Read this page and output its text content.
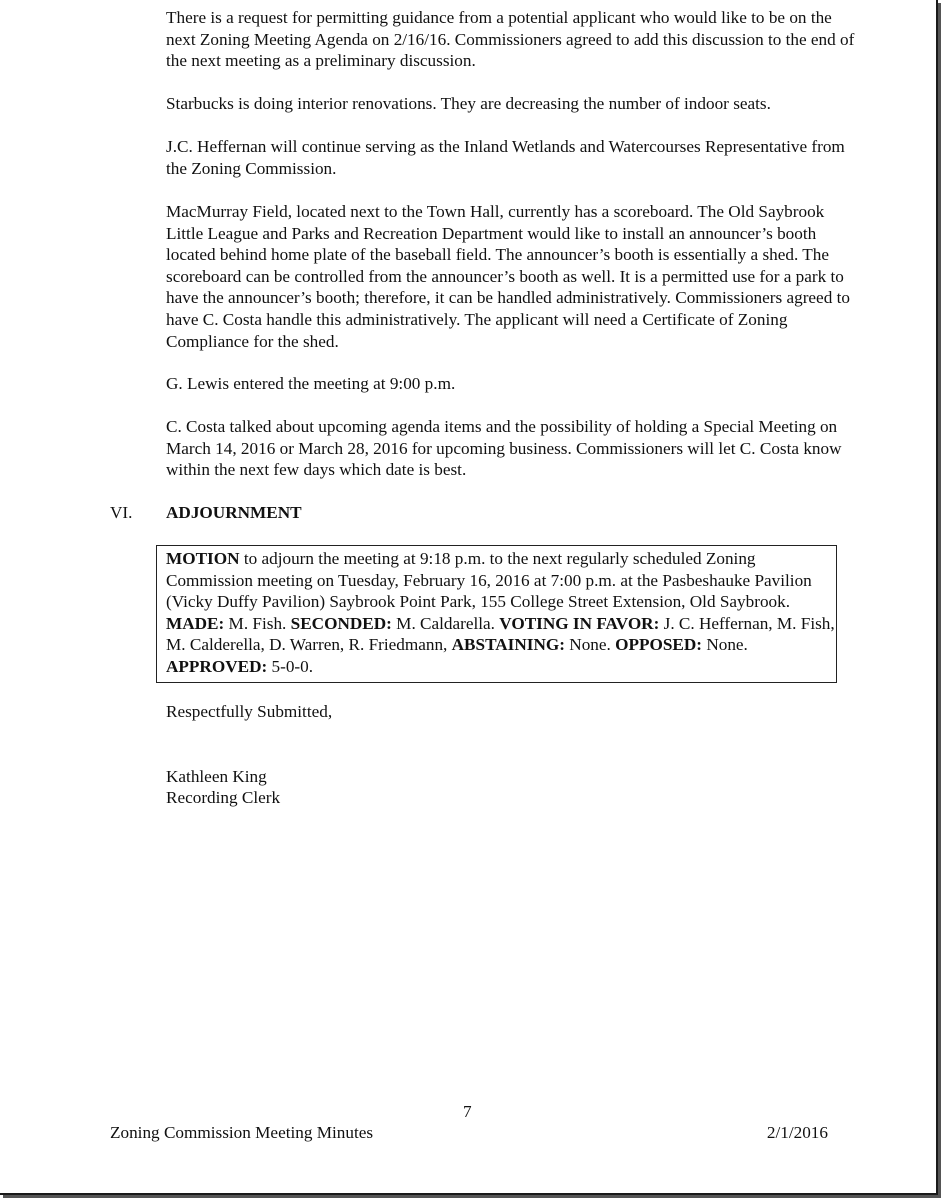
There is a request for permitting guidance from a potential applicant who would like to be on the next Zoning Meeting Agenda on 2/16/16. Commissioners agreed to add this discussion to the end of the next meeting as a preliminary discussion.

Starbucks is doing interior renovations. They are decreasing the number of indoor seats.

J.C. Heffernan will continue serving as the Inland Wetlands and Watercourses Representative from the Zoning Commission.

MacMurray Field, located next to the Town Hall, currently has a scoreboard. The Old Saybrook Little League and Parks and Recreation Department would like to install an announcer’s booth located behind home plate of the baseball field. The announcer’s booth is essentially a shed. The scoreboard can be controlled from the announcer’s booth as well. It is a permitted use for a park to have the announcer’s booth; therefore, it can be handled administratively. Commissioners agreed to have C. Costa handle this administratively. The applicant will need a Certificate of Zoning Compliance for the shed.

G. Lewis entered the meeting at 9:00 p.m.

C. Costa talked about upcoming agenda items and the possibility of holding a Special Meeting on March 14, 2016 or March 28, 2016 for upcoming business. Commissioners will let C. Costa know within the next few days which date is best.

VI. ADJOURNMENT
MOTION to adjourn the meeting at 9:18 p.m. to the next regularly scheduled Zoning Commission meeting on Tuesday, February 16, 2016 at 7:00 p.m. at the Pasbeshauke Pavilion (Vicky Duffy Pavilion) Saybrook Point Park, 155 College Street Extension, Old Saybrook. MADE: M. Fish. SECONDED: M. Caldarella. VOTING IN FAVOR: J. C. Heffernan, M. Fish, M. Calderella, D. Warren, R. Friedmann, ABSTAINING: None. OPPOSED: None. APPROVED: 5-0-0.
Respectfully Submitted,
Kathleen King
Recording Clerk
7
Zoning Commission Meeting Minutes	2/1/2016
